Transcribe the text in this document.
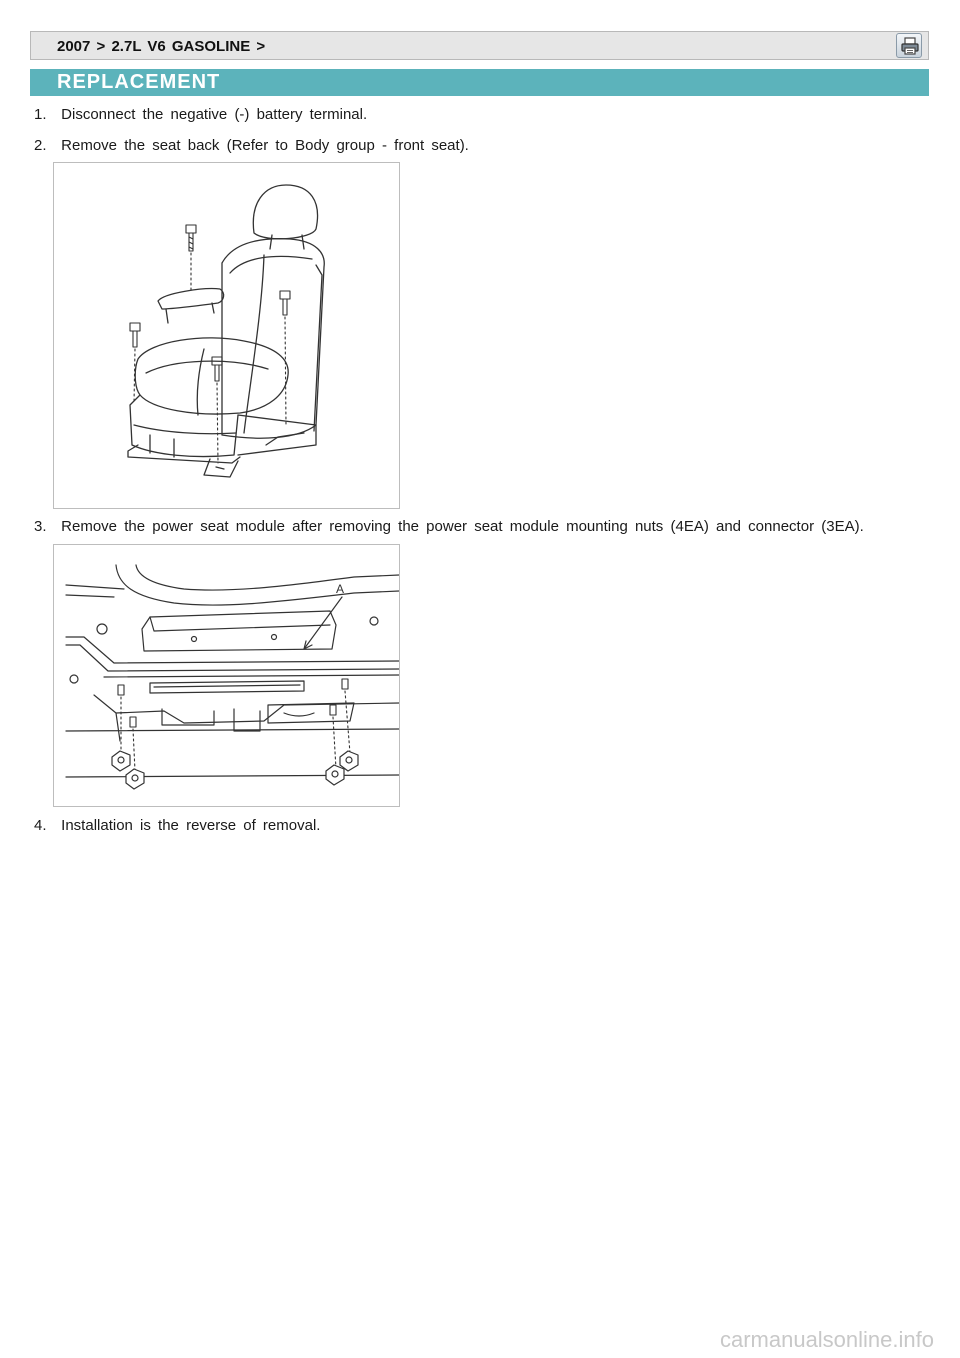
2007 > 2.7L V6 GASOLINE >
REPLACEMENT
1. Disconnect the negative (-) battery terminal.
2. Remove the seat back (Refer to Body group - front seat).
3. Remove the power seat module after removing the power seat module mounting nuts (4EA) and connector (3EA).
A
4. Installation is the reverse of removal.
carmanualsonline.info
